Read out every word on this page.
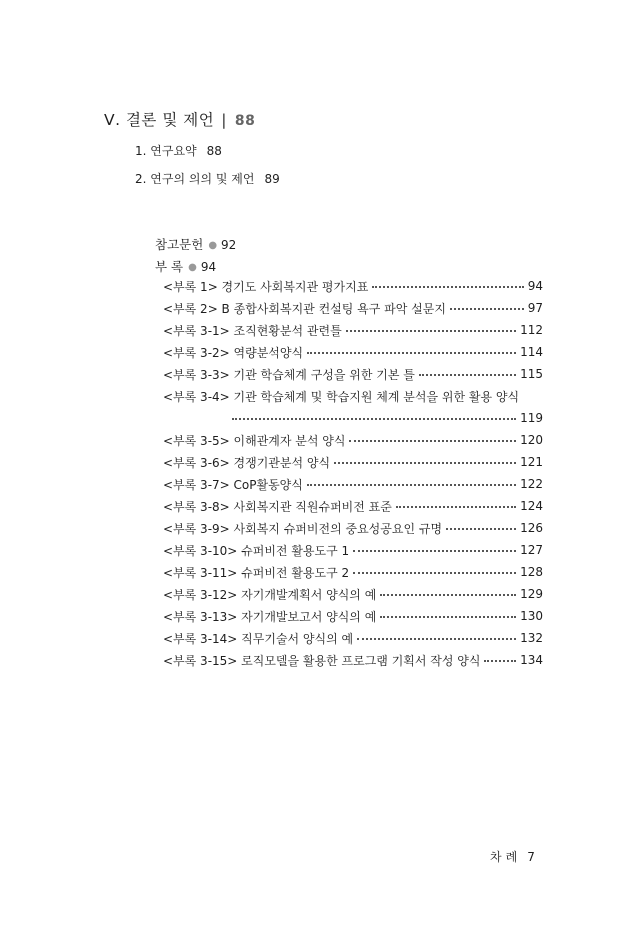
Ⅴ. 결론 및 제언 | 88
1. 연구요약 88
2. 연구의 의의 및 제언 89
참고문헌 ● 92
부 록 ● 94
<부록 1> 경기도 사회복지관 평가지표	94
<부록 2> B 종합사회복지관 컨설팅 욕구 파악 설문지	97
<부록 3-1> 조직현황분석 관련틀	112
<부록 3-2> 역량분석양식	114
<부록 3-3> 기관 학습체계 구성을 위한 기본 틀	115
<부록 3-4> 기관 학습체계 및 학습지원 체계 분석을 위한 활용 양식
119
<부록 3-5> 이해관계자 분석 양식	120
<부록 3-6> 경쟁기관분석 양식	121
<부록 3-7> CoP활동양식	122
<부록 3-8> 사회복지관 직원슈퍼비전 표준	124
<부록 3-9> 사회복지 슈퍼비전의 중요성공요인 규명	126
<부록 3-10> 슈퍼비전 활용도구 1	127
<부록 3-11> 슈퍼비전 활용도구 2	128
<부록 3-12> 자기개발계획서 양식의 예	129
<부록 3-13> 자기개발보고서 양식의 예	130
<부록 3-14> 직무기술서 양식의 예	132
<부록 3-15> 로직모델을 활용한 프로그램 기획서 작성 양식	134
차례 7
